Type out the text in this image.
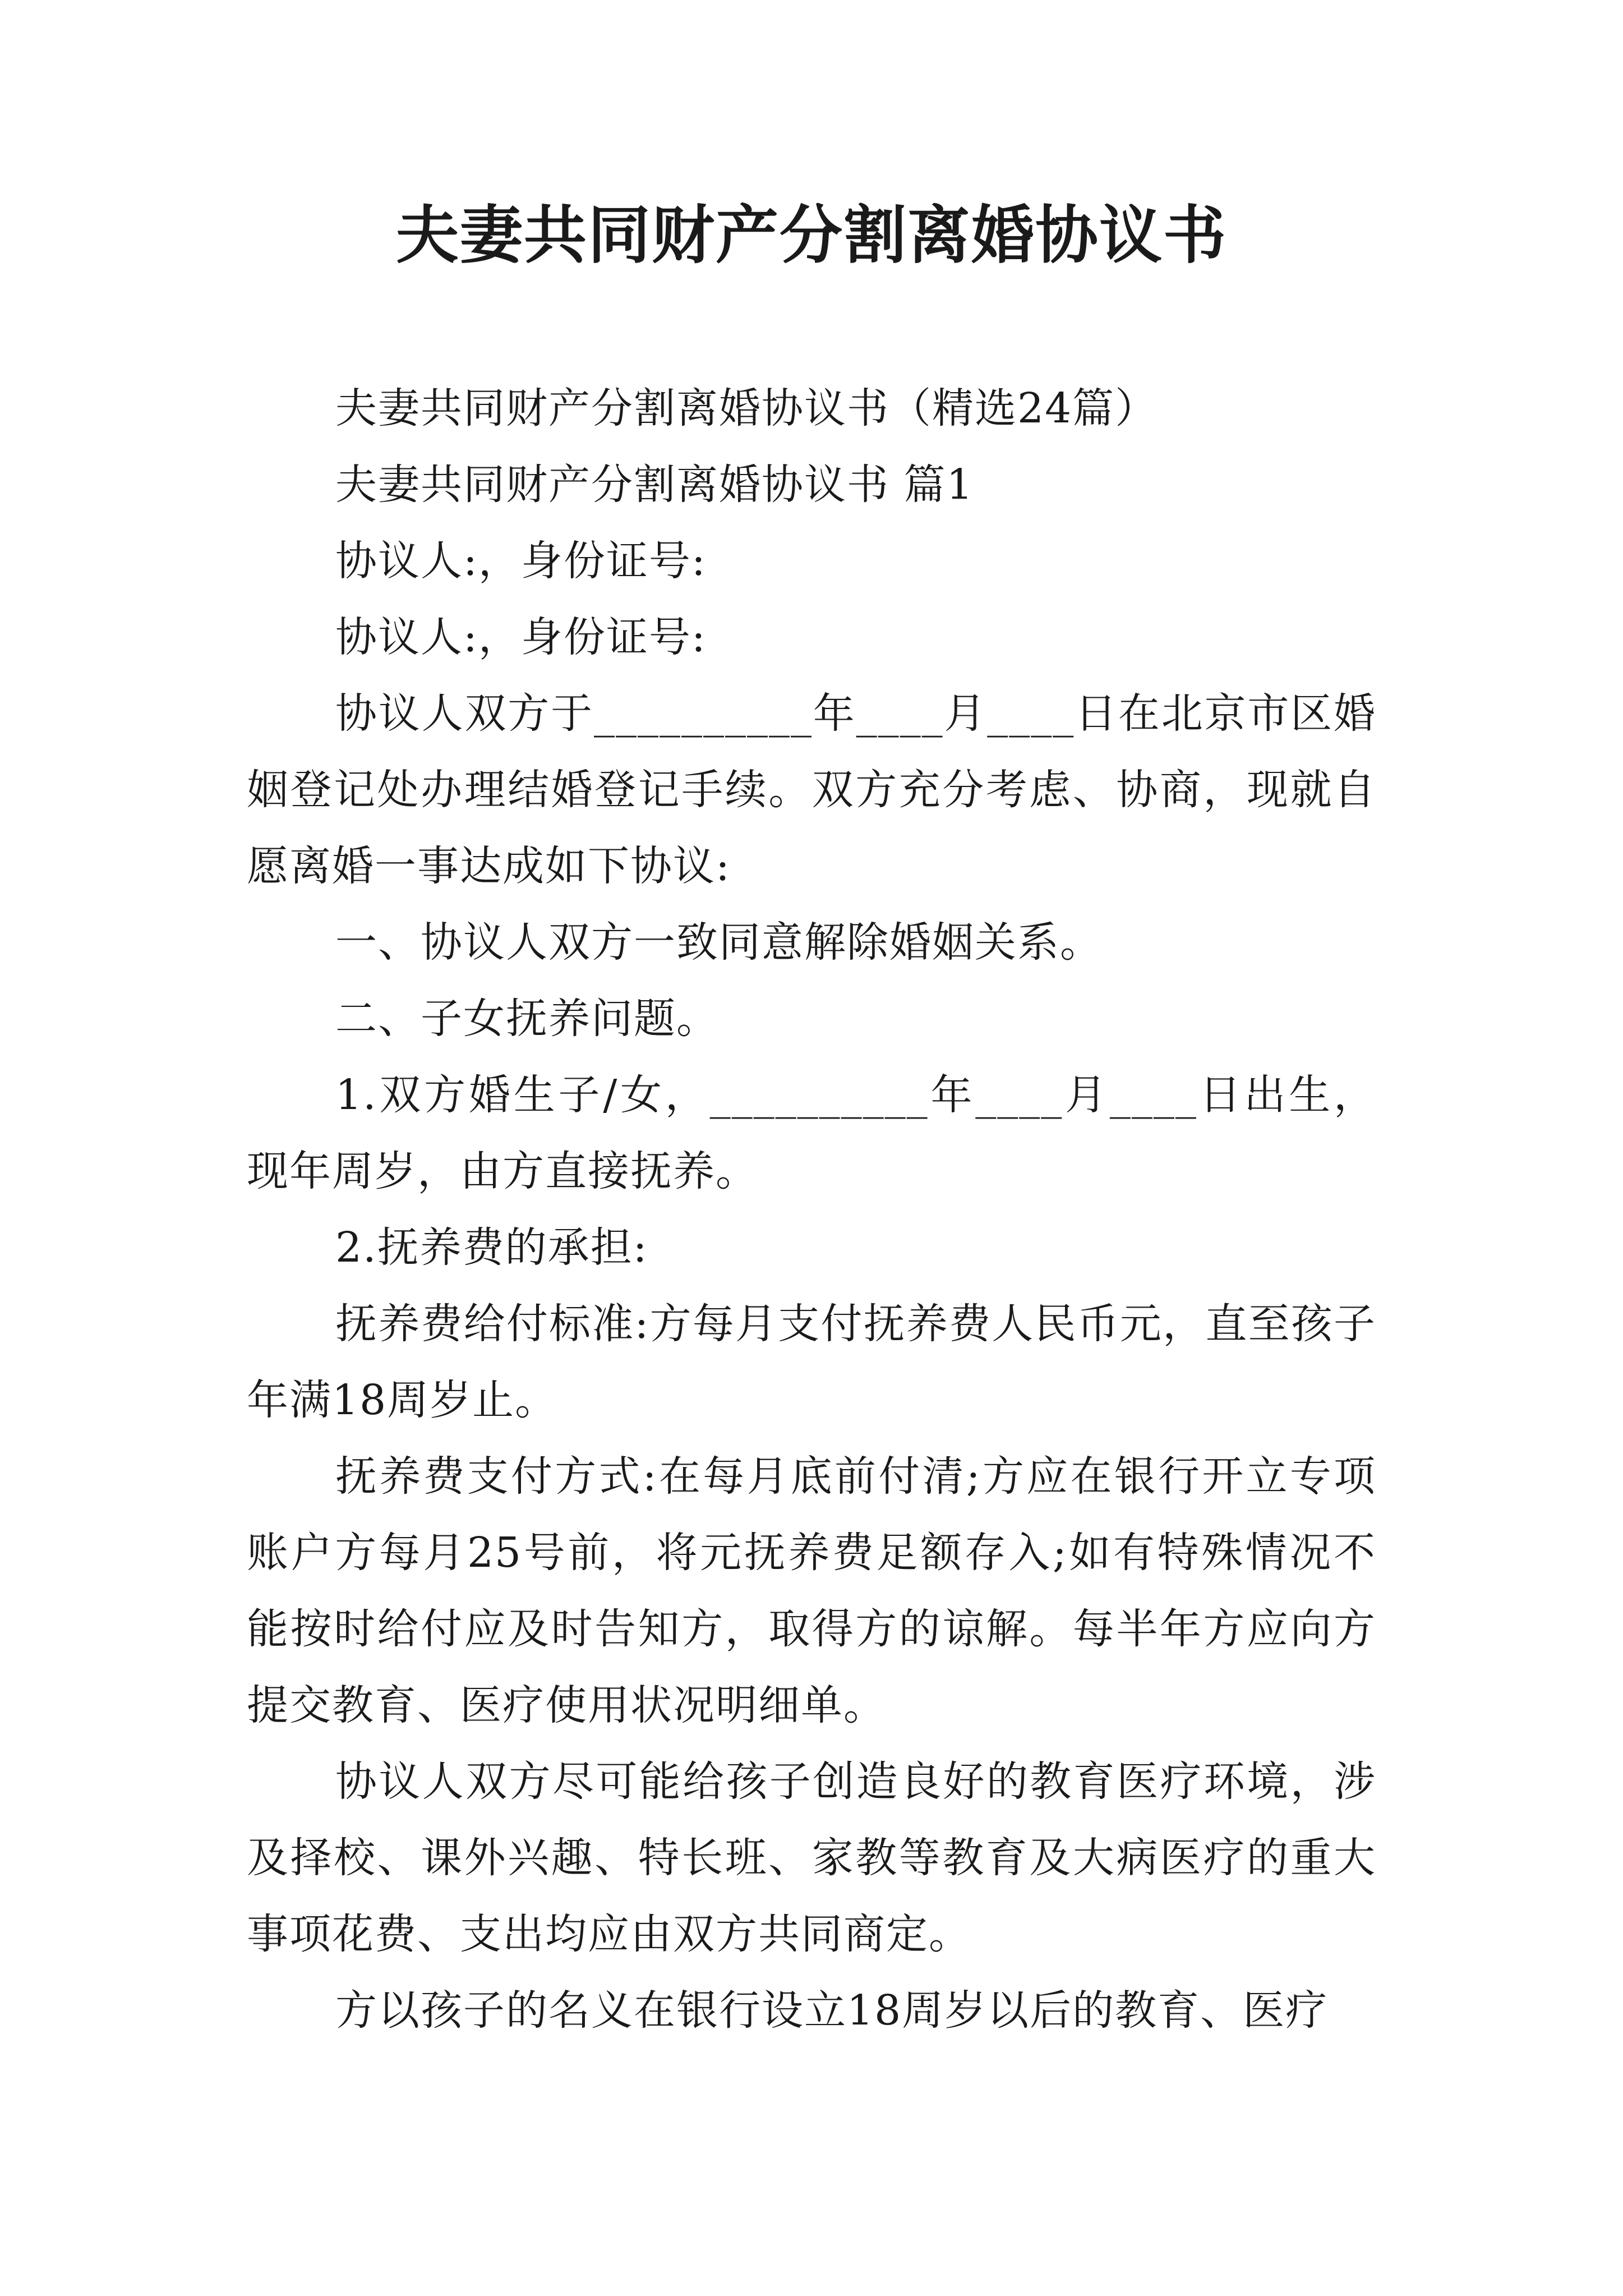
夫妻共同财产分割离婚协议书

夫妻共同财产分割离婚协议书（精选24篇）

夫妻共同财产分割离婚协议书 篇1

协议人:，身份证号:

协议人:，身份证号:

协议人双方于__________年____月____日在北京市区婚姻登记处办理结婚登记手续。双方充分考虑、协商，现就自愿离婚一事达成如下协议:

一、协议人双方一致同意解除婚姻关系。

二、子女抚养问题。

1.双方婚生子/女，__________年____月____日出生，现年周岁，由方直接抚养。

2.抚养费的承担:

抚养费给付标准:方每月支付抚养费人民币元，直至孩子年满18周岁止。

抚养费支付方式:在每月底前付清;方应在银行开立专项账户方每月25号前，将元抚养费足额存入;如有特殊情况不能按时给付应及时告知方，取得方的谅解。每半年方应向方提交教育、医疗使用状况明细单。

协议人双方尽可能给孩子创造良好的教育医疗环境，涉及择校、课外兴趣、特长班、家教等教育及大病医疗的重大事项花费、支出均应由双方共同商定。

方以孩子的名义在银行设立18周岁以后的教育、医疗
